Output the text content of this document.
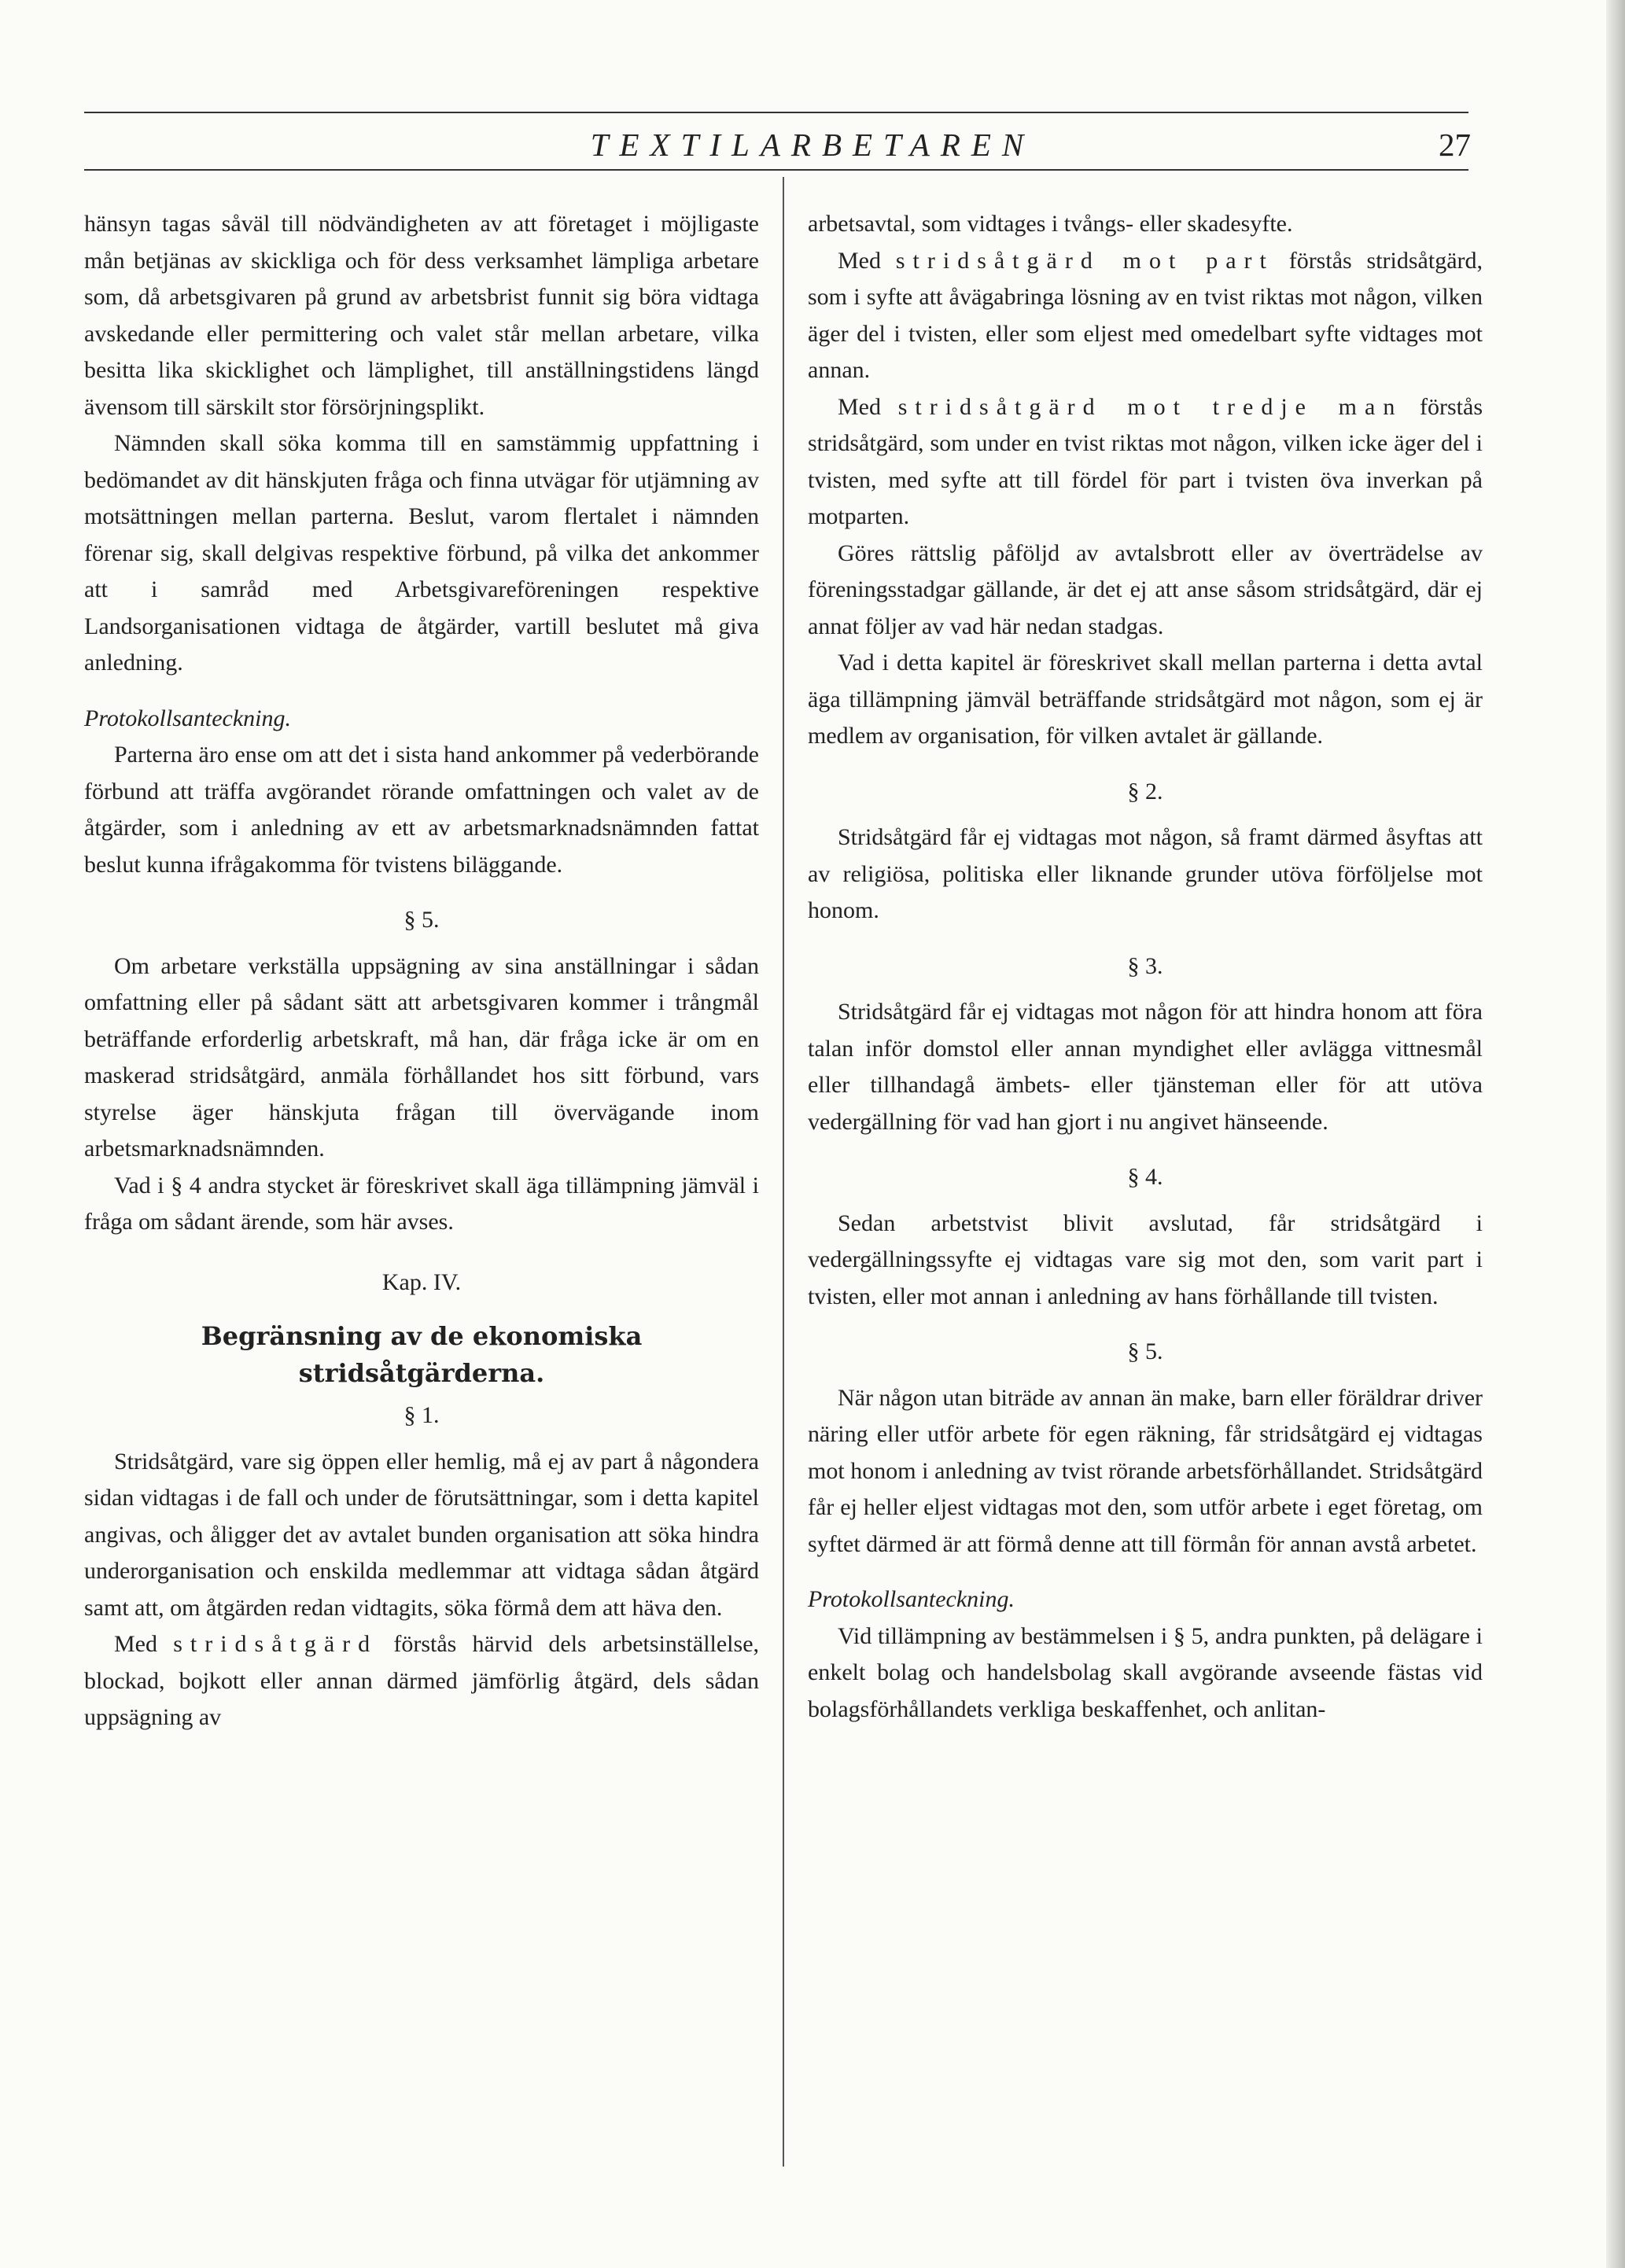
TEXTILARBETAREN	27

hänsyn tagas såväl till nödvändigheten av att företaget i möjligaste mån betjänas av skickliga och för dess verksamhet lämpliga arbetare som, då arbetsgivaren på grund av arbetsbrist funnit sig böra vidtaga avskedande eller permittering och valet står mellan arbetare, vilka besitta lika skicklighet och lämplighet, till anställningstidens längd ävensom till särskilt stor försörjningsplikt.

Nämnden skall söka komma till en samstämmig uppfattning i bedömandet av dit hänskjuten fråga och finna utvägar för utjämning av motsättningen mellan parterna. Beslut, varom flertalet i nämnden förenar sig, skall delgivas respektive förbund, på vilka det ankommer att i samråd med Arbetsgivareföreningen respektive Landsorganisationen vidtaga de åtgärder, vartill beslutet må giva anledning.

Protokollsanteckning.

Parterna äro ense om att det i sista hand ankommer på vederbörande förbund att träffa avgörandet rörande omfattningen och valet av de åtgärder, som i anledning av ett av arbetsmarknadsnämnden fattat beslut kunna ifrågakomma för tvistens biläggande.

§ 5.

Om arbetare verkställa uppsägning av sina anställningar i sådan omfattning eller på sådant sätt att arbetsgivaren kommer i trångmål beträffande erforderlig arbetskraft, må han, där fråga icke är om en maskerad stridsåtgärd, anmäla förhållandet hos sitt förbund, vars styrelse äger hänskjuta frågan till övervägande inom arbetsmarknadsnämnden.

Vad i § 4 andra stycket är föreskrivet skall äga tillämpning jämväl i fråga om sådant ärende, som här avses.

Kap. IV.
Begränsning av de ekonomiska stridsåtgärderna.
§ 1.

Stridsåtgärd, vare sig öppen eller hemlig, må ej av part å någondera sidan vidtagas i de fall och under de förutsättningar, som i detta kapitel angivas, och åligger det av avtalet bunden organisation att söka hindra underorganisation och enskilda medlemmar att vidtaga sådan åtgärd samt att, om åtgärden redan vidtagits, söka förmå dem att häva den.

Med stridsåtgärd förstås härvid dels arbetsinställelse, blockad, bojkott eller annan därmed jämförlig åtgärd, dels sådan uppsägning av

arbetsavtal, som vidtages i tvångs- eller skadesyfte.

Med stridsåtgärd mot part förstås stridsåtgärd, som i syfte att åvägabringa lösning av en tvist riktas mot någon, vilken äger del i tvisten, eller som eljest med omedelbart syfte vidtages mot annan.

Med stridsåtgärd mot tredje man förstås stridsåtgärd, som under en tvist riktas mot någon, vilken icke äger del i tvisten, med syfte att till fördel för part i tvisten öva inverkan på motparten.

Göres rättslig påföljd av avtalsbrott eller av överträdelse av föreningsstadgar gällande, är det ej att anse såsom stridsåtgärd, där ej annat följer av vad här nedan stadgas.

Vad i detta kapitel är föreskrivet skall mellan parterna i detta avtal äga tillämpning jämväl beträffande stridsåtgärd mot någon, som ej är medlem av organisation, för vilken avtalet är gällande.

§ 2.

Stridsåtgärd får ej vidtagas mot någon, så framt därmed åsyftas att av religiösa, politiska eller liknande grunder utöva förföljelse mot honom.

§ 3.

Stridsåtgärd får ej vidtagas mot någon för att hindra honom att föra talan inför domstol eller annan myndighet eller avlägga vittnesmål eller tillhandagå ämbets- eller tjänsteman eller för att utöva vedergällning för vad han gjort i nu angivet hänseende.

§ 4.

Sedan arbetstvist blivit avslutad, får stridsåtgärd i vedergällningssyfte ej vidtagas vare sig mot den, som varit part i tvisten, eller mot annan i anledning av hans förhållande till tvisten.

§ 5.

När någon utan biträde av annan än make, barn eller föräldrar driver näring eller utför arbete för egen räkning, får stridsåtgärd ej vidtagas mot honom i anledning av tvist rörande arbetsförhållandet. Stridsåtgärd får ej heller eljest vidtagas mot den, som utför arbete i eget företag, om syftet därmed är att förmå denne att till förmån för annan avstå arbetet.

Protokollsanteckning.

Vid tillämpning av bestämmelsen i § 5, andra punkten, på delägare i enkelt bolag och handelsbolag skall avgörande avseende fästas vid bolagsförhållandets verkliga beskaffenhet, och anlitan-
